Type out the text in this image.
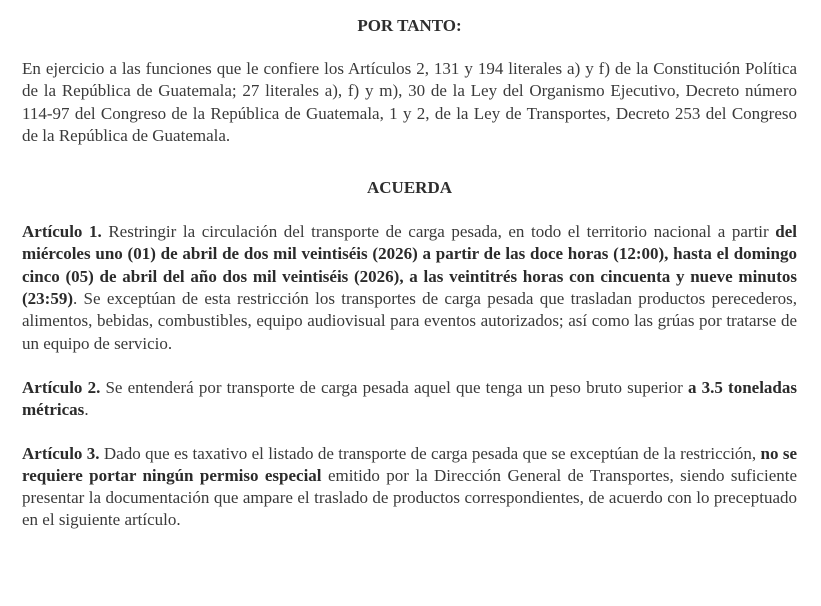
POR TANTO:

En ejercicio a las funciones que le confiere los Artículos 2, 131 y 194 literales a) y f) de la Constitución Política de la República de Guatemala; 27 literales a), f) y m), 30 de la Ley del Organismo Ejecutivo, Decreto número 114-97 del Congreso de la República de Guatemala, 1 y 2, de la Ley de Transportes, Decreto 253 del Congreso de la República de Guatemala.

ACUERDA

Artículo 1. Restringir la circulación del transporte de carga pesada, en todo el territorio nacional a partir del miércoles uno (01) de abril de dos mil veintiséis (2026) a partir de las doce horas (12:00), hasta el domingo cinco (05) de abril del año dos mil veintiséis (2026), a las veintitrés horas con cincuenta y nueve minutos (23:59). Se exceptúan de esta restricción los transportes de carga pesada que trasladan productos perecederos, alimentos, bebidas, combustibles, equipo audiovisual para eventos autorizados; así como las grúas por tratarse de un equipo de servicio.

Artículo 2. Se entenderá por transporte de carga pesada aquel que tenga un peso bruto superior a 3.5 toneladas métricas.

Artículo 3. Dado que es taxativo el listado de transporte de carga pesada que se exceptúan de la restricción, no se requiere portar ningún permiso especial emitido por la Dirección General de Transportes, siendo suficiente presentar la documentación que ampare el traslado de productos correspondientes, de acuerdo con lo preceptuado en el siguiente artículo.
